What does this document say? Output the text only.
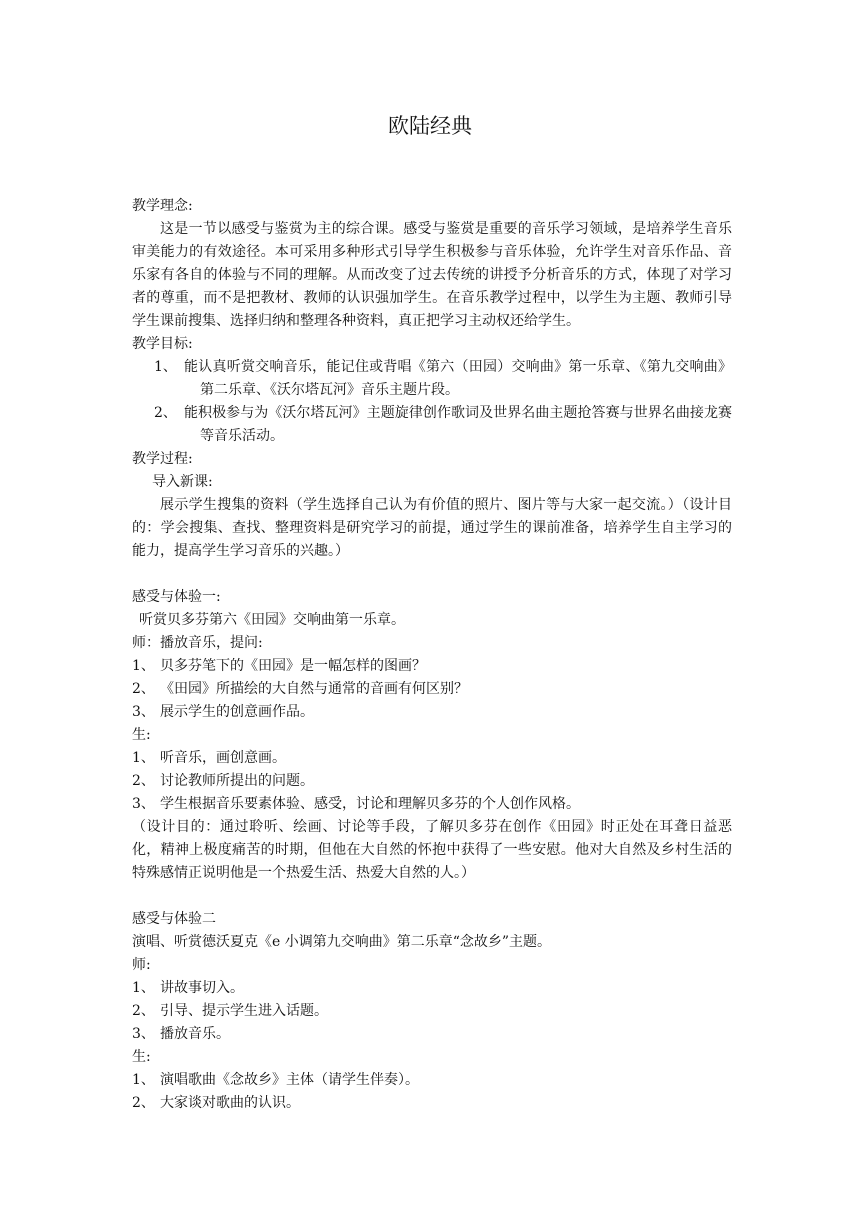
欧陆经典
教学理念:

这是一节以感受与鉴赏为主的综合课。感受与鉴赏是重要的音乐学习领域，是培养学生音乐审美能力的有效途径。本可采用多种形式引导学生积极参与音乐体验，允许学生对音乐作品、音乐家有各自的体验与不同的理解。从而改变了过去传统的讲授予分析音乐的方式，体现了对学习者的尊重，而不是把教材、教师的认识强加学生。在音乐教学过程中，以学生为主题、教师引导学生课前搜集、选择归纳和整理各种资料，真正把学习主动权还给学生。

教学目标:
1、 能认真听赏交响音乐，能记住或背唱《第六（田园）交响曲》第一乐章、《第九交响曲》第二乐章、《沃尔塔瓦河》音乐主题片段。
2、 能积极参与为《沃尔塔瓦河》主题旋律创作歌词及世界名曲主题抢答赛与世界名曲接龙赛等音乐活动。
教学过程:
导入新课:

展示学生搜集的资料（学生选择自己认为有价值的照片、图片等与大家一起交流。）（设计目的：学会搜集、查找、整理资料是研究学习的前提，通过学生的课前准备，培养学生自主学习的能力，提高学生学习音乐的兴趣。）

感受与体验一:
听赏贝多芬第六《田园》交响曲第一乐章。
师：播放音乐，提问:
1、 贝多芬笔下的《田园》是一幅怎样的图画？
2、 《田园》所描绘的大自然与通常的音画有何区别？
3、 展示学生的创意画作品。
生:
1、 听音乐，画创意画。
2、 讨论教师所提出的问题。
3、 学生根据音乐要素体验、感受，讨论和理解贝多芬的个人创作风格。

（设计目的：通过聆听、绘画、讨论等手段，了解贝多芬在创作《田园》时正处在耳聋日益恶化，精神上极度痛苦的时期，但他在大自然的怀抱中获得了一些安慰。他对大自然及乡村生活的特殊感情正说明他是一个热爱生活、热爱大自然的人。）

感受与体验二
演唱、听赏德沃夏克《e 小调第九交响曲》第二乐章“念故乡”主题。
师:
1、 讲故事切入。
2、 引导、提示学生进入话题。
3、 播放音乐。
生:
1、 演唱歌曲《念故乡》主体（请学生伴奏）。
2、 大家谈对歌曲的认识。
